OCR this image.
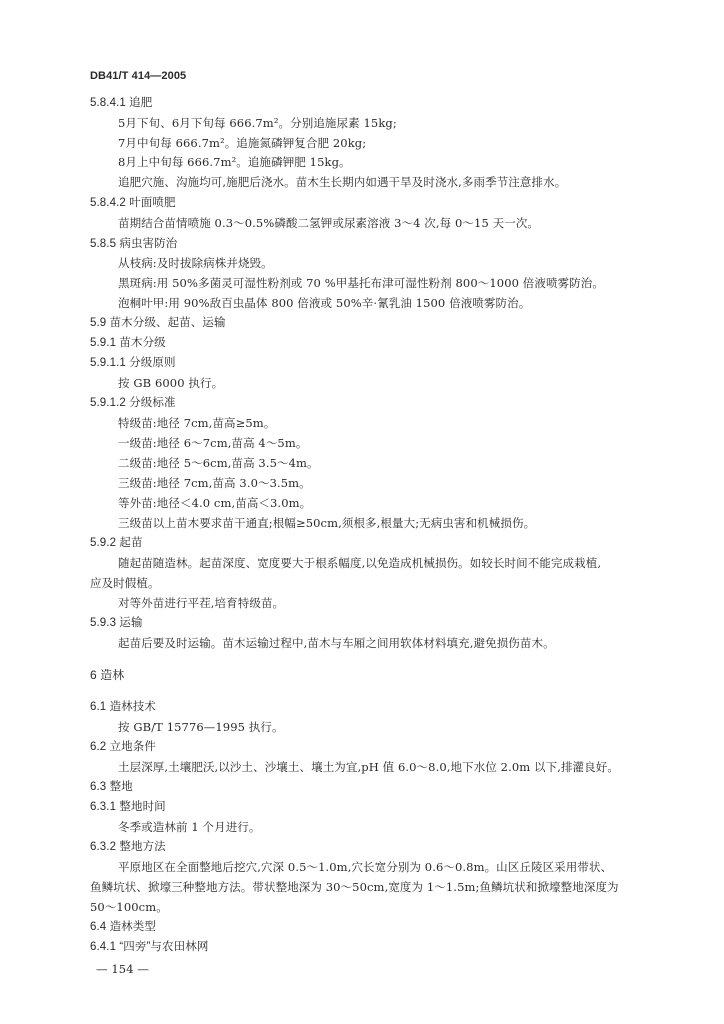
DB41/T 414—2005
5.8.4.1 追肥
5月下旬、6月下旬每 666.7m²。分别追施尿素 15kg;
7月中旬每 666.7m²。追施氮磷钾复合肥 20kg;
8月上中旬每 666.7m²。追施磷钾肥 15kg。
追肥穴施、沟施均可,施肥后浇水。苗木生长期内如遇干旱及时浇水,多雨季节注意排水。
5.8.4.2 叶面喷肥
苗期结合苗情喷施 0.3～0.5%磷酸二氢钾或尿素溶液 3～4 次,每 0～15 天一次。
5.8.5 病虫害防治
从枝病:及时拔除病株并烧毁。
黑斑病:用 50%多菌灵可湿性粉剂或 70 %甲基托布津可湿性粉剂 800～1000 倍液喷雾防治。
泡桐叶甲:用 90%敌百虫晶体 800 倍液或 50%辛·氰乳油 1500 倍液喷雾防治。
5.9 苗木分级、起苗、运输
5.9.1 苗木分级
5.9.1.1 分级原则
按 GB 6000 执行。
5.9.1.2 分级标准
特级苗:地径 7cm,苗高≥5m。
一级苗:地径 6～7cm,苗高 4～5m。
二级苗:地径 5～6cm,苗高 3.5～4m。
三级苗:地径 7cm,苗高 3.0～3.5m。
等外苗:地径＜4.0 cm,苗高＜3.0m。
三级苗以上苗木要求苗干通直;根幅≥50cm,须根多,根量大;无病虫害和机械损伤。
5.9.2 起苗
随起苗随造林。起苗深度、宽度要大于根系幅度,以免造成机械损伤。如较长时间不能完成栽植,
应及时假植。
对等外苗进行平茬,培育特级苗。
5.9.3 运输
起苗后要及时运输。苗木运输过程中,苗木与车厢之间用软体材料填充,避免损伤苗木。
6 造林
6.1 造林技术
按 GB/T 15776—1995 执行。
6.2 立地条件
土层深厚,土壤肥沃,以沙土、沙壤土、壤土为宜,pH 值 6.0～8.0,地下水位 2.0m 以下,排灌良好。
6.3 整地
6.3.1 整地时间
冬季或造林前 1 个月进行。
6.3.2 整地方法
平原地区在全面整地后挖穴,穴深 0.5～1.0m,穴长宽分别为 0.6～0.8m。山区丘陵区采用带状、
鱼鳞坑状、掀壕三种整地方法。带状整地深为 30～50cm,宽度为 1～1.5m;鱼鳞坑状和掀壕整地深度为
50～100cm。
6.4 造林类型
6.4.1 “四旁”与农田林网
— 154 —
